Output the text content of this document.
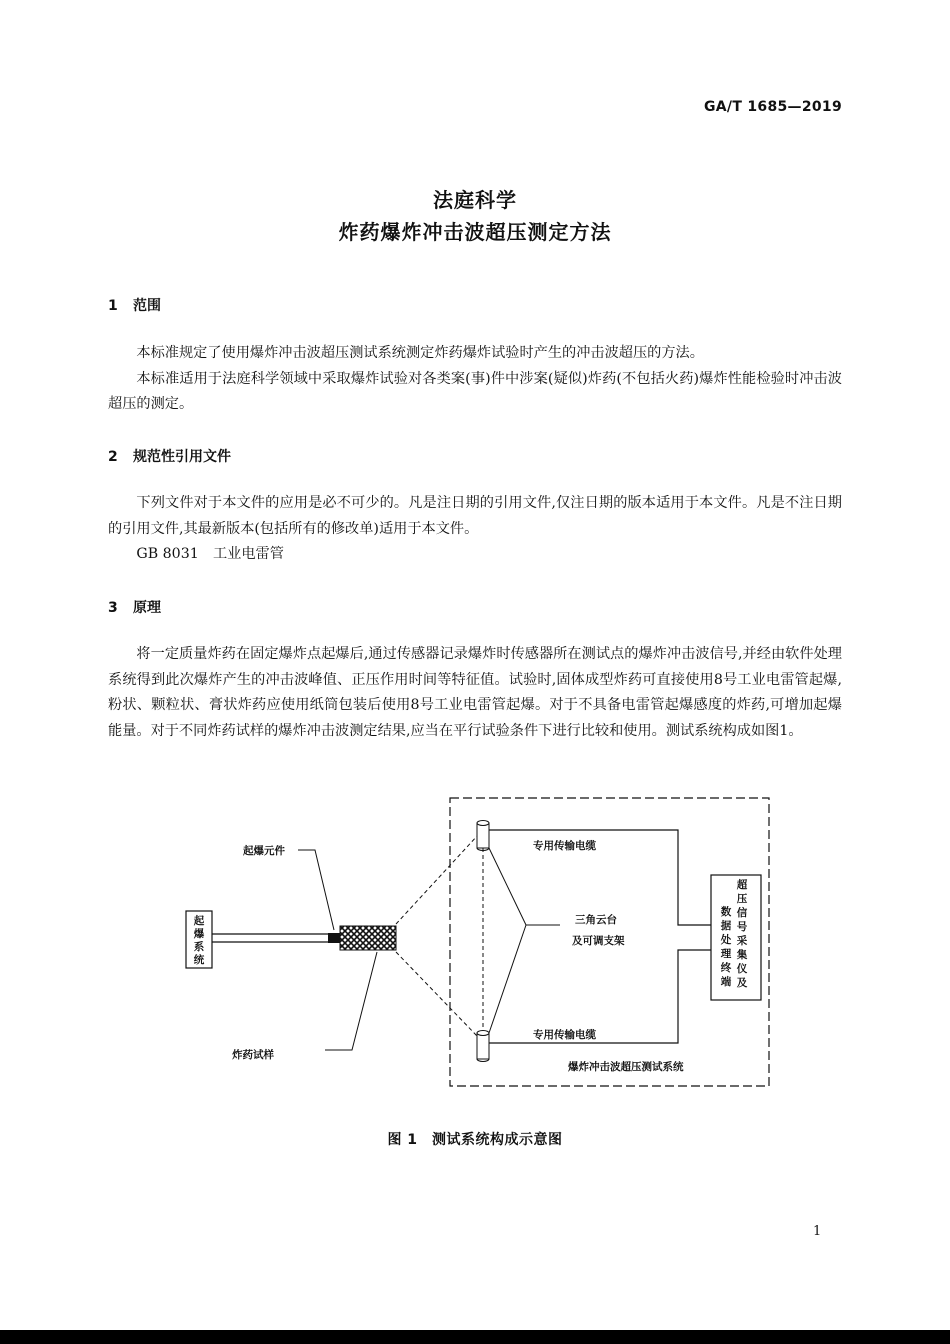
GA/T 1685—2019
法庭科学
炸药爆炸冲击波超压测定方法
1 范围

本标准规定了使用爆炸冲击波超压测试系统测定炸药爆炸试验时产生的冲击波超压的方法。

本标准适用于法庭科学领域中采取爆炸试验对各类案(事)件中涉案(疑似)炸药(不包括火药)爆炸性能检验时冲击波超压的测定。

2 规范性引用文件

下列文件对于本文件的应用是必不可少的。凡是注日期的引用文件,仅注日期的版本适用于本文件。凡是不注日期的引用文件,其最新版本(包括所有的修改单)适用于本文件。

GB 8031　工业电雷管

3 原理

将一定质量炸药在固定爆炸点起爆后,通过传感器记录爆炸时传感器所在测试点的爆炸冲击波信号,并经由软件处理系统得到此次爆炸产生的冲击波峰值、正压作用时间等特征值。试验时,固体成型炸药可直接使用8号工业电雷管起爆,粉状、颗粒状、膏状炸药应使用纸筒包装后使用8号工业电雷管起爆。对于不具备电雷管起爆感度的炸药,可增加起爆能量。对于不同炸药试样的爆炸冲击波测定结果,应当在平行试验条件下进行比较和使用。测试系统构成如图1。

起
爆
系
统
起爆元件
炸药试样
三角云台
及可调支架
专用传输电缆
专用传输电缆
超
压
信
号
采
集
仪
及
数
据
处
理
终
端
爆炸冲击波超压测试系统
图 1　测试系统构成示意图
1
